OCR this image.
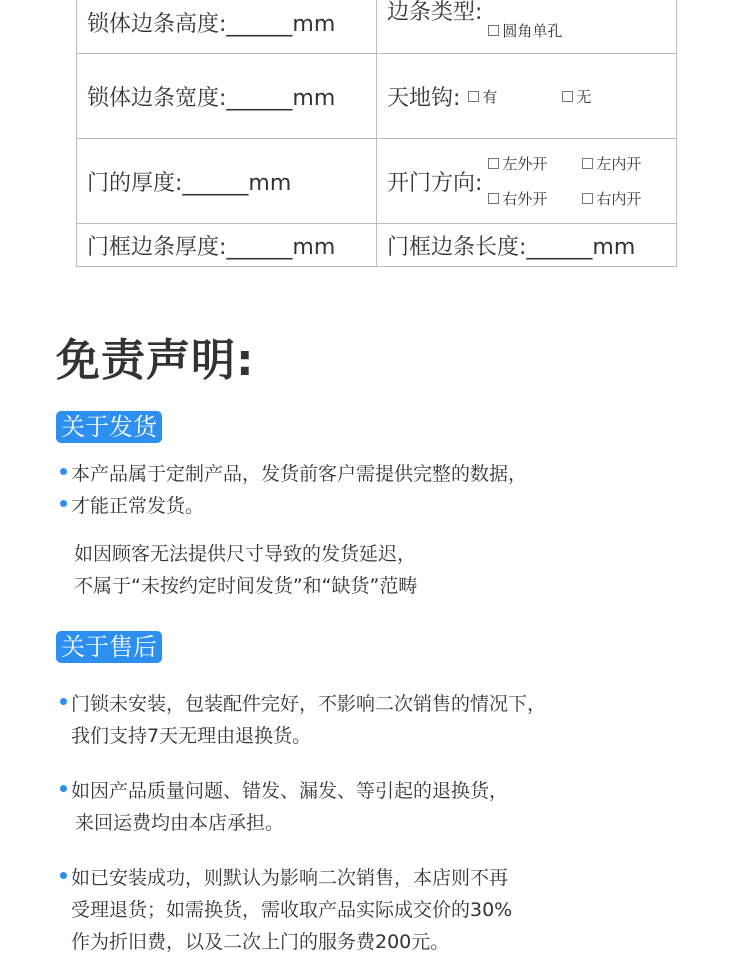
锁体边条高度:______mm	边条类型:
圆角单孔

锁体边条宽度:______mm	天地钩: 有 无

门的厚度:______mm	开门方向:
左外开 左内开
右外开 右内开

门框边条厚度:______mm	门框边条长度:______mm
免责声明:
关于发货
本产品属于定制产品，发货前客户需提供完整的数据，
才能正常发货。
如因顾客无法提供尺寸导致的发货延迟，
不属于“未按约定时间发货”和“缺货”范畴
关于售后
门锁未安装，包装配件完好，不影响二次销售的情况下，
我们支持7天无理由退换货。
如因产品质量问题、错发、漏发、等引起的退换货，
来回运费均由本店承担。
如已安装成功，则默认为影响二次销售，本店则不再
受理退货；如需换货，需收取产品实际成交价的30%
作为折旧费，以及二次上门的服务费200元。
